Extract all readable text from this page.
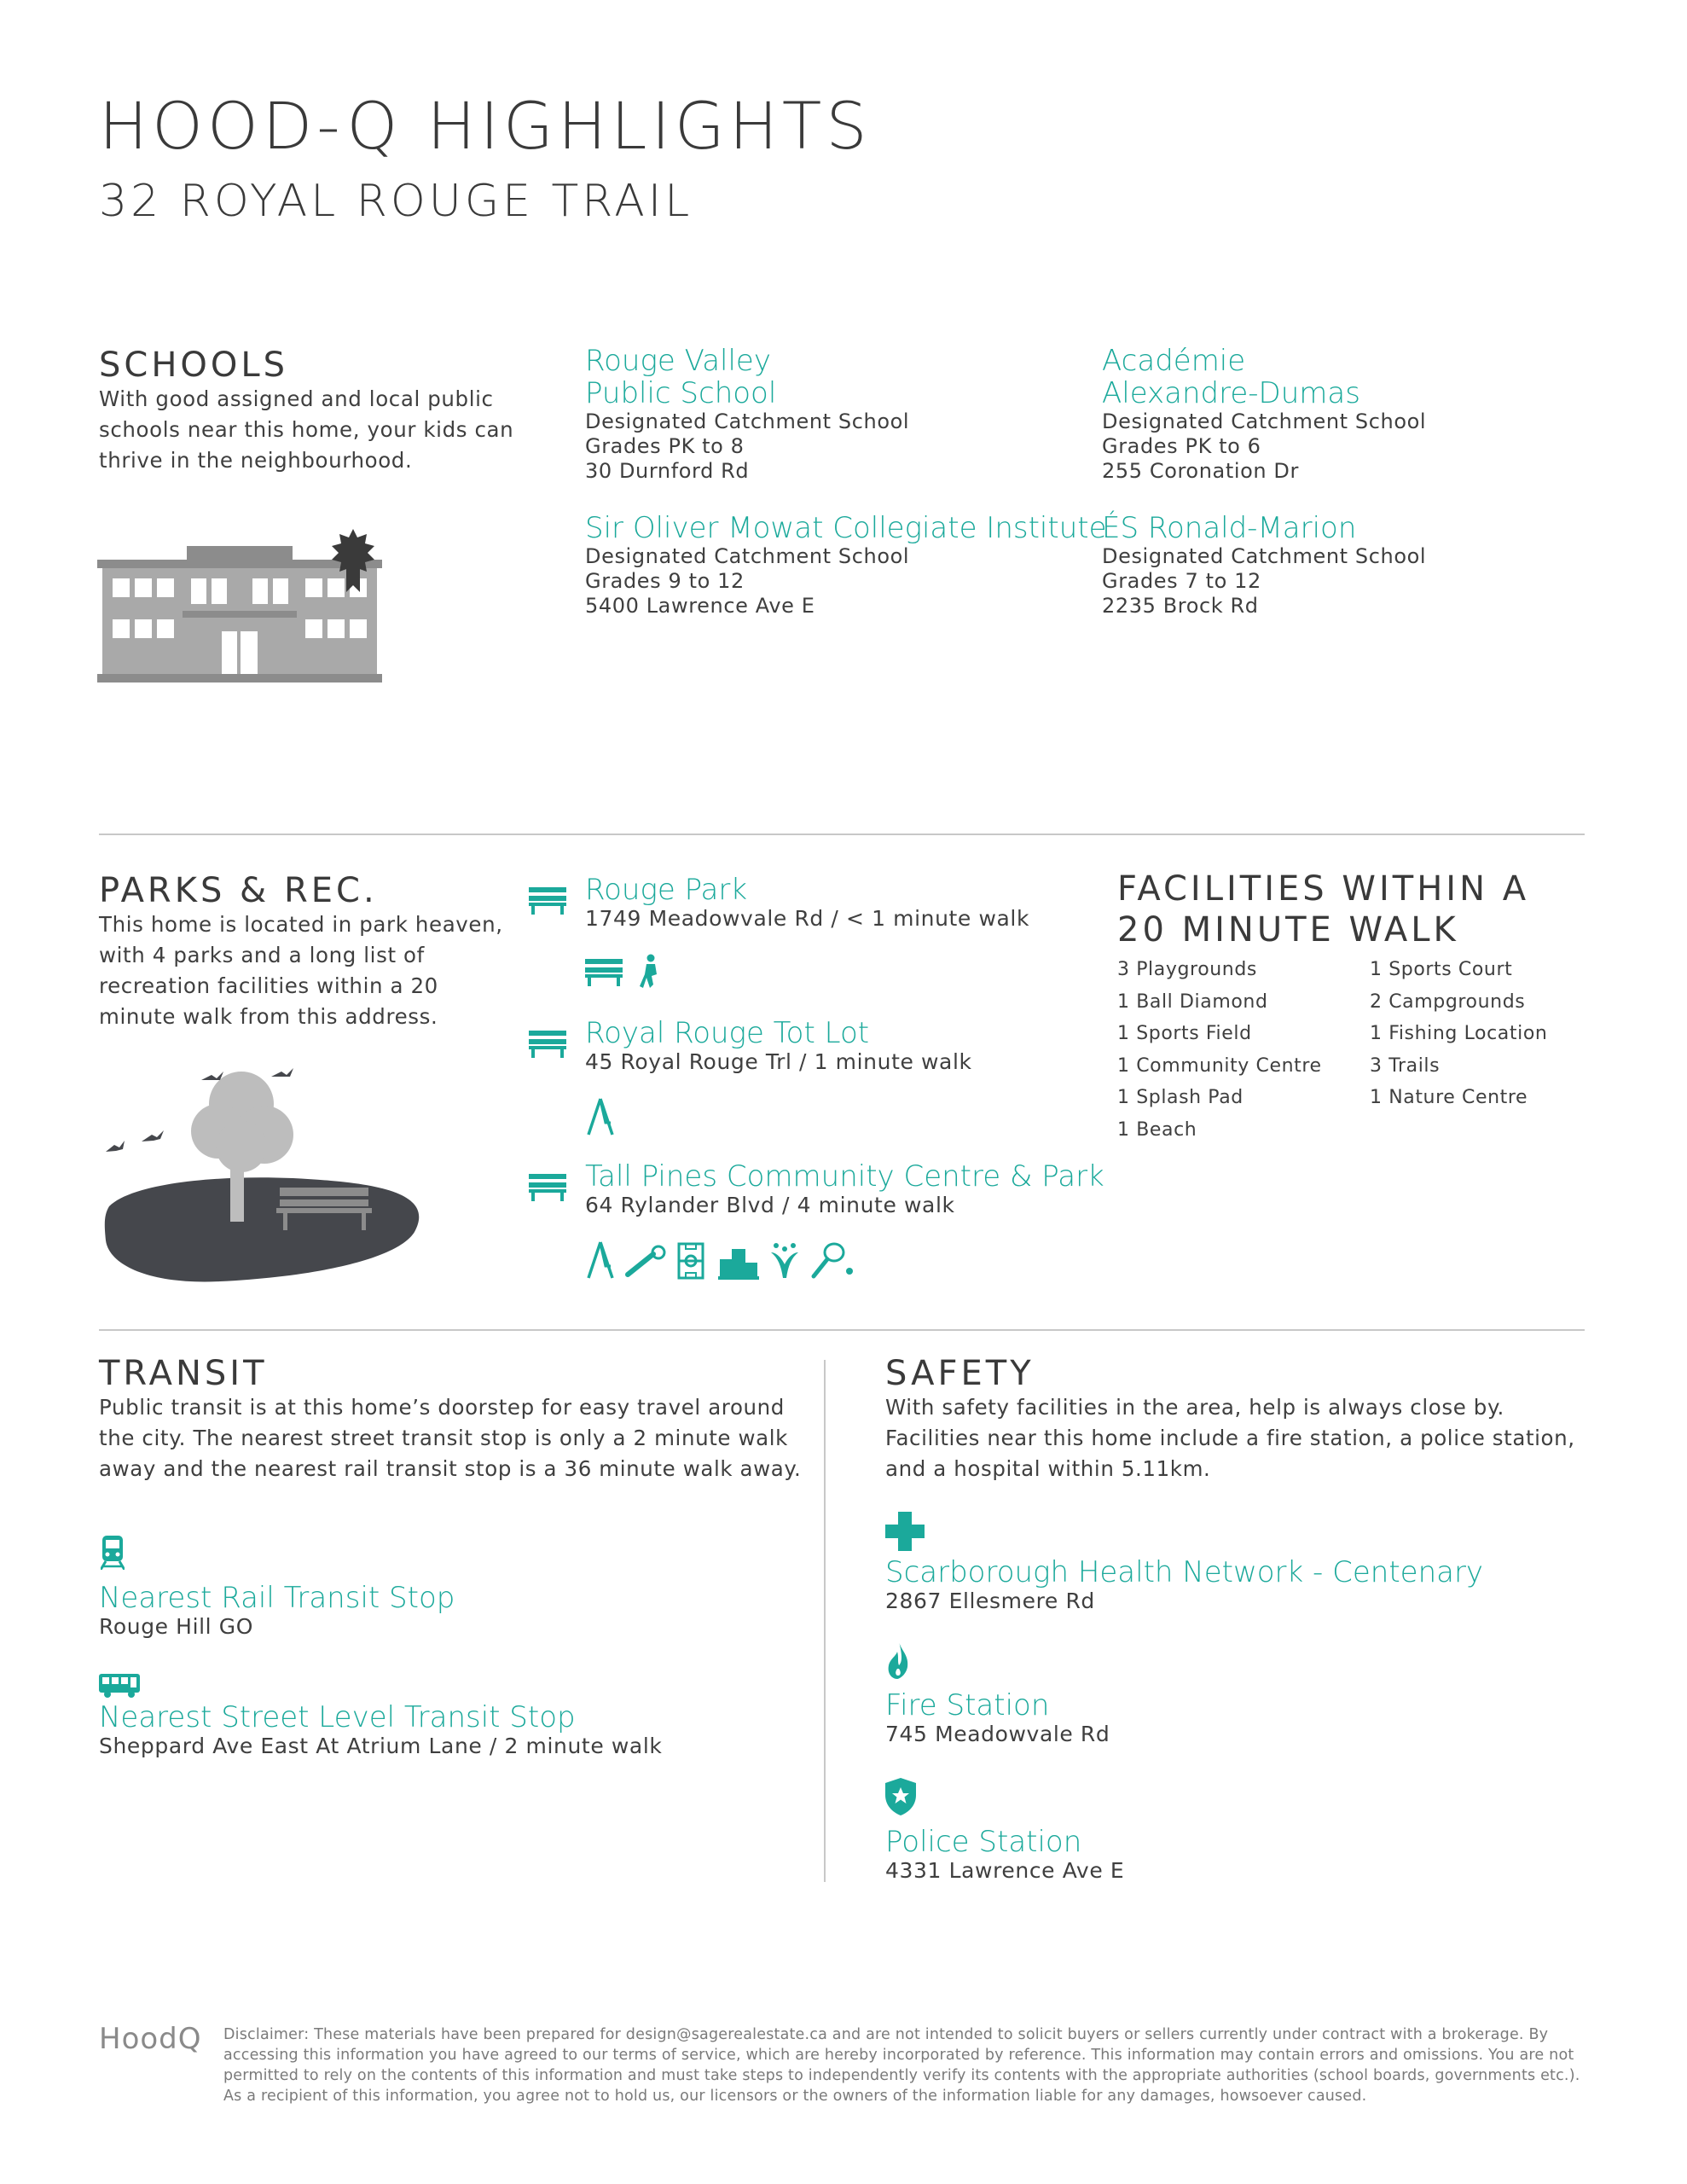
HOOD-Q HIGHLIGHTS
32 ROYAL ROUGE TRAIL
SCHOOLS
With good assigned and local public schools near this home, your kids can thrive in the neighbourhood.
Rouge Valley
Public School
Designated Catchment School
Grades PK to 8
30 Durnford Rd
Académie
Alexandre-Dumas
Designated Catchment School
Grades PK to 6
255 Coronation Dr
Sir Oliver Mowat Collegiate Institute
Designated Catchment School
Grades 9 to 12
5400 Lawrence Ave E
ÉS Ronald-Marion
Designated Catchment School
Grades 7 to 12
2235 Brock Rd
PARKS & REC.
This home is located in park heaven, with 4 parks and a long list of recreation facilities within a 20 minute walk from this address.
Rouge Park
1749 Meadowvale Rd / < 1 minute walk
Royal Rouge Tot Lot
45 Royal Rouge Trl / 1 minute walk
Tall Pines Community Centre & Park
64 Rylander Blvd / 4 minute walk
FACILITIES WITHIN A
20 MINUTE WALK
3 Playgrounds
1 Ball Diamond
1 Sports Field
1 Community Centre
1 Splash Pad
1 Beach
1 Sports Court
2 Campgrounds
1 Fishing Location
3 Trails
1 Nature Centre
TRANSIT
Public transit is at this home’s doorstep for easy travel around the city. The nearest street transit stop is only a 2 minute walk away and the nearest rail transit stop is a 36 minute walk away.
Nearest Rail Transit Stop
Rouge Hill GO
Nearest Street Level Transit Stop
Sheppard Ave East At Atrium Lane / 2 minute walk
SAFETY
With safety facilities in the area, help is always close by. Facilities near this home include a fire station, a police station, and a hospital within 5.11km.
Scarborough Health Network - Centenary
2867 Ellesmere Rd
Fire Station
745 Meadowvale Rd
Police Station
4331 Lawrence Ave E
HoodQ Disclaimer: These materials have been prepared for design@sagerealestate.ca and are not intended to solicit buyers or sellers currently under contract with a brokerage. By accessing this information you have agreed to our terms of service, which are hereby incorporated by reference. This information may contain errors and omissions. You are not permitted to rely on the contents of this information and must take steps to independently verify its contents with the appropriate authorities (school boards, governments etc.). As a recipient of this information, you agree not to hold us, our licensors or the owners of the information liable for any damages, howsoever caused.
